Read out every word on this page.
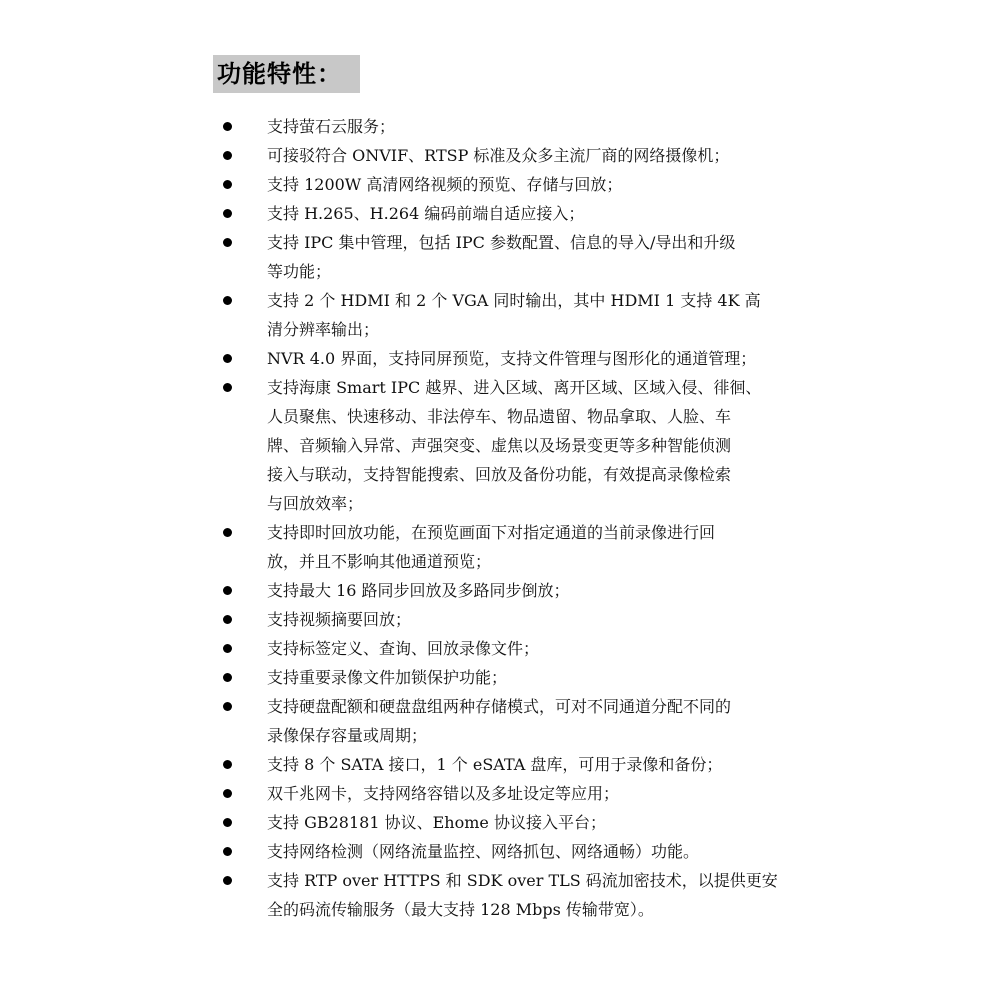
功能特性：
支持萤石云服务；
可接驳符合 ONVIF、RTSP 标准及众多主流厂商的网络摄像机；
支持 1200W 高清网络视频的预览、存储与回放；
支持 H.265、H.264 编码前端自适应接入；
支持 IPC 集中管理，包括 IPC 参数配置、信息的导入/导出和升级
等功能；
支持 2 个 HDMI 和 2 个 VGA 同时输出，其中 HDMI 1 支持 4K 高
清分辨率输出；
NVR 4.0 界面，支持同屏预览，支持文件管理与图形化的通道管理；
支持海康 Smart IPC 越界、进入区域、离开区域、区域入侵、徘徊、
人员聚焦、快速移动、非法停车、物品遗留、物品拿取、人脸、车
牌、音频输入异常、声强突变、虚焦以及场景变更等多种智能侦测
接入与联动，支持智能搜索、回放及备份功能，有效提高录像检索
与回放效率；
支持即时回放功能，在预览画面下对指定通道的当前录像进行回
放，并且不影响其他通道预览；
支持最大 16 路同步回放及多路同步倒放；
支持视频摘要回放；
支持标签定义、查询、回放录像文件；
支持重要录像文件加锁保护功能；
支持硬盘配额和硬盘盘组两种存储模式，可对不同通道分配不同的
录像保存容量或周期；
支持 8 个 SATA 接口，1 个 eSATA 盘库，可用于录像和备份；
双千兆网卡，支持网络容错以及多址设定等应用；
支持 GB28181 协议、Ehome 协议接入平台；
支持网络检测（网络流量监控、网络抓包、网络通畅）功能。
支持 RTP over HTTPS 和 SDK over TLS 码流加密技术，以提供更安
全的码流传输服务（最大支持 128 Mbps 传输带宽）。
